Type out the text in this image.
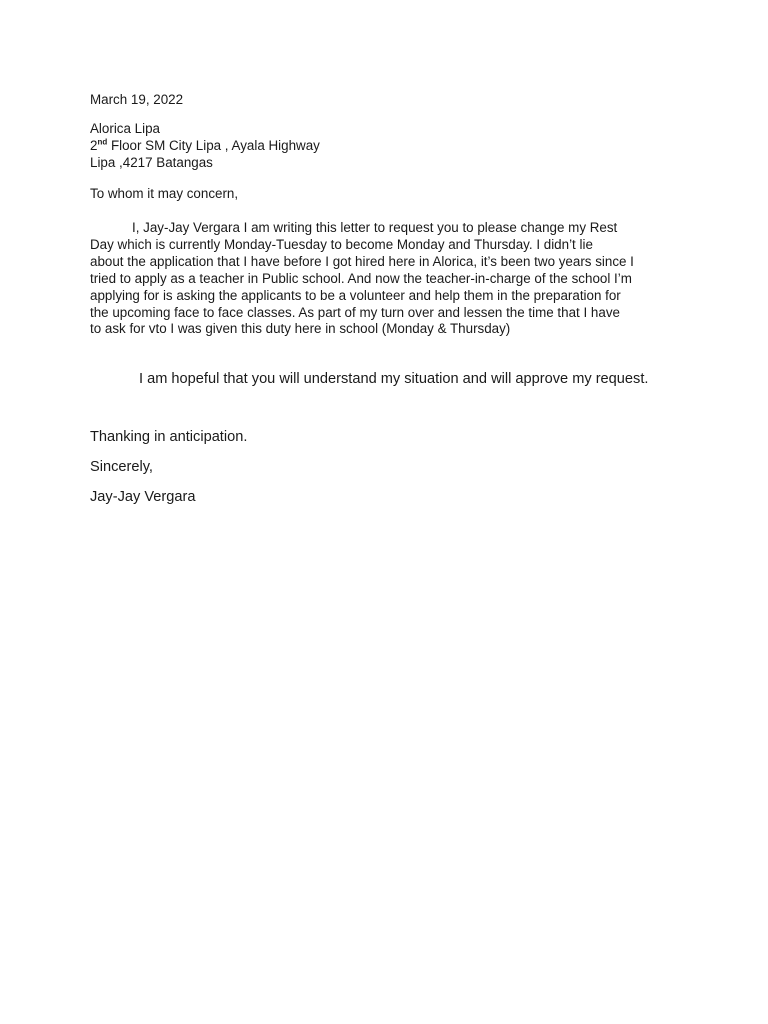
March 19, 2022
Alorica Lipa
2nd Floor SM City Lipa , Ayala Highway
Lipa ,4217 Batangas
To whom it may concern,
I, Jay-Jay Vergara I am writing this letter to request you to please change my Rest
Day which is currently Monday-Tuesday to become Monday and Thursday. I didn’t lie
about the application that I have before I got hired here in Alorica, it’s been two years since I
tried to apply as a teacher in Public school. And now the teacher-in-charge of the school I’m
applying for is asking the applicants to be a volunteer and help them in the preparation for
the upcoming face to face classes. As part of my turn over and lessen the time that I have
to ask for vto I was given this duty here in school (Monday & Thursday)
I am hopeful that you will understand my situation and will approve my request.
Thanking in anticipation.
Sincerely,
Jay-Jay Vergara
